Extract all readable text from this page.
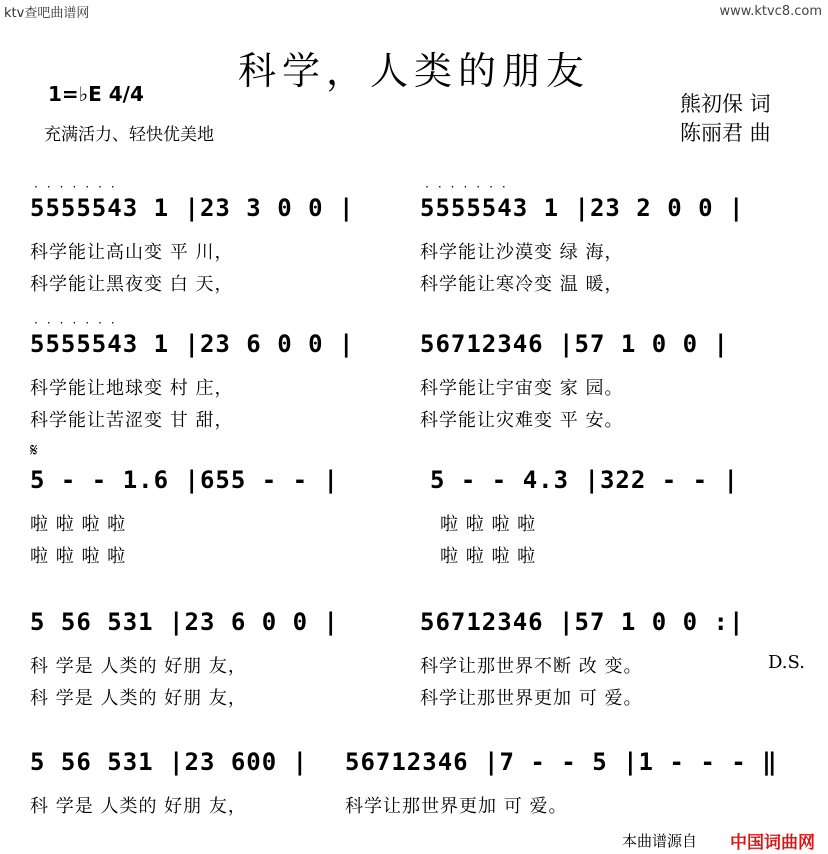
ktv查吧曲谱网	www.ktvc8.com
科学，人类的朋友
1=♭E 4/4
充满活力、轻快优美地
熊初保 词
陈丽君 曲
·······	·······
5555543 1 |23 3 0 0 |	5555543 1 |23 2 0 0 |
科学能让高山变 平 川，	科学能让沙漠变 绿 海，
科学能让黑夜变 白 天，	科学能让寒冷变 温 暖，
·······
5555543 1 |23 6 0 0 |	56712346 |57 1 0 0 |
科学能让地球变 村 庄，	科学能让宇宙变 家 园。
科学能让苦涩变 甘 甜，	科学能让灾难变 平 安。
𝄋
5 - - 1.6 |655 - - |	5 - - 4.3 |322 - - |
啦 啦 啦 啦	啦 啦 啦 啦
啦 啦 啦 啦	啦 啦 啦 啦
5 56 531 |23 6 0 0 |	56712346 |57 1 0 0 :|
科 学是 人类的 好朋 友，	科学让那世界不断 改 变。	D.S.
科 学是 人类的 好朋 友，	科学让那世界更加 可 爱。
5 56 531 |23 600 | 56712346 |7 - - 5 |1 - - - ‖
科 学是 人类的 好朋 友，	科学让那世界更加 可 爱。
本曲谱源自 中国词曲网
